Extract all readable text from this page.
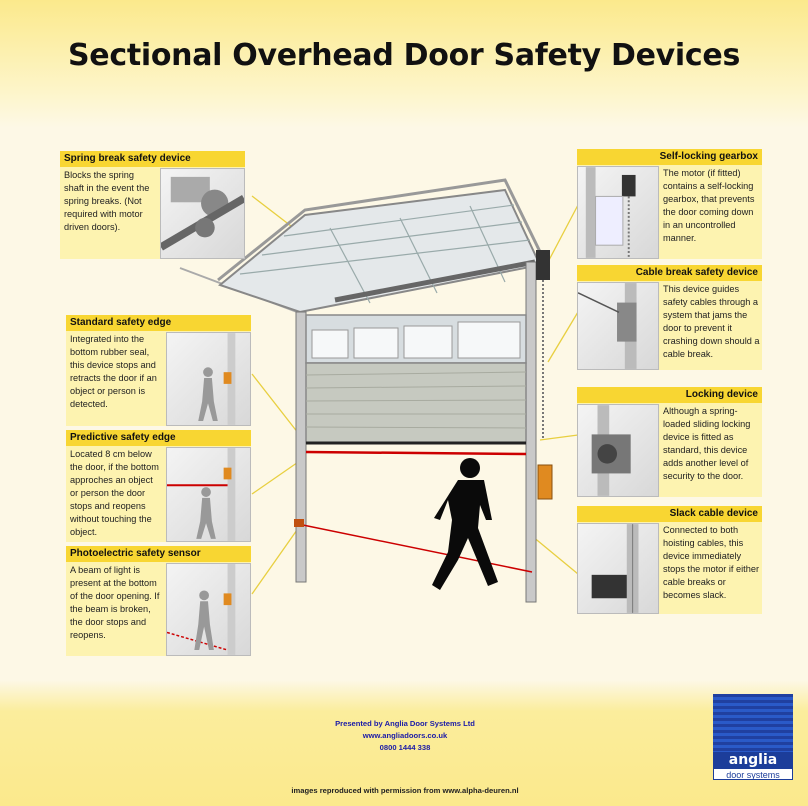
Sectional Overhead Door Safety Devices
Spring break safety device
Blocks the spring shaft in the event the spring breaks. (Not required with motor driven doors).
Standard safety edge
Integrated into the bottom rubber seal, this device stops and retracts the door if an object or person is detected.
Predictive safety edge
Located 8 cm below the door, if the bottom approches an object or person the door stops and reopens without touching the object.
Photoelectric safety sensor
A beam of light is present at the bottom of the door opening. If the beam is broken, the door stops and reopens.
Self-locking gearbox
The motor (if fitted) contains a self-locking gearbox, that prevents the door coming down in an uncontrolled manner.
Cable break safety device
This device guides safety cables through a system that jams the door to prevent it crashing down should a cable break.
Locking device
Although a spring-loaded sliding locking device is fitted as standard, this device adds another level of security to the door.
Slack cable device
Connected to both hoisting cables, this device immediately stops the motor if either cable breaks or becomes slack.
Presented by Anglia Door Systems Ltd
www.angliadoors.co.uk
0800 1444 338
images reproduced with permission from www.alpha-deuren.nl
anglia
door systems
